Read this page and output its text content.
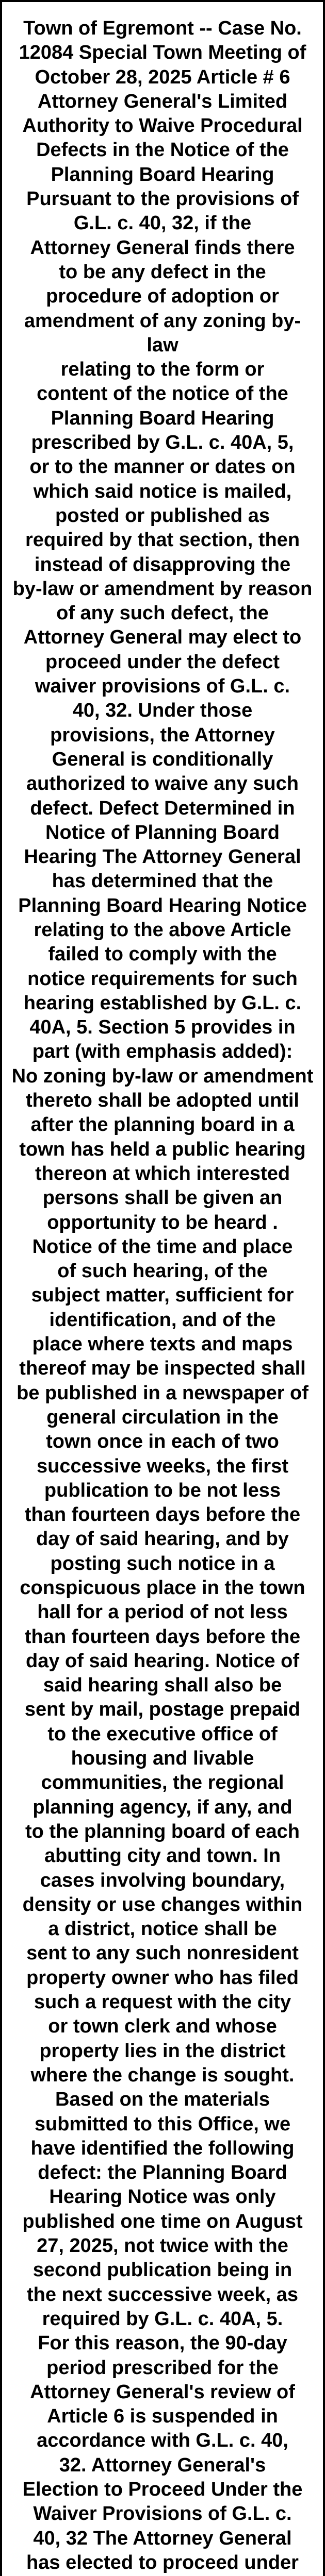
Town of Egremont -- Case No.
12084 Special Town Meeting of
October 28, 2025 Article # 6
Attorney General's Limited
Authority to Waive Procedural
Defects in the Notice of the
Planning Board Hearing
Pursuant to the provisions of
G.L. c. 40, 32, if the
Attorney General finds there
to be any defect in the
procedure of adoption or
amendment of any zoning by-law
relating to the form or
content of the notice of the
Planning Board Hearing
prescribed by G.L. c. 40A, 5,
or to the manner or dates on
which said notice is mailed,
posted or published as
required by that section, then
instead of disapproving the
by-law or amendment by reason
of any such defect, the
Attorney General may elect to
proceed under the defect
waiver provisions of G.L. c.
40, 32. Under those
provisions, the Attorney
General is conditionally
authorized to waive any such
defect. Defect Determined in
Notice of Planning Board
Hearing The Attorney General
has determined that the
Planning Board Hearing Notice
relating to the above Article
failed to comply with the
notice requirements for such
hearing established by G.L. c.
40A, 5. Section 5 provides in
part (with emphasis added):
No zoning by-law or amendment
thereto shall be adopted until
after the planning board in a
town has held a public hearing
thereon at which interested
persons shall be given an
opportunity to be heard .
Notice of the time and place
of such hearing, of the
subject matter, sufficient for
identification, and of the
place where texts and maps
thereof may be inspected shall
be published in a newspaper of
general circulation in the
town once in each of two
successive weeks, the first
publication to be not less
than fourteen days before the
day of said hearing, and by
posting such notice in a
conspicuous place in the town
hall for a period of not less
than fourteen days before the
day of said hearing. Notice of
said hearing shall also be
sent by mail, postage prepaid
to the executive office of
housing and livable
communities, the regional
planning agency, if any, and
to the planning board of each
abutting city and town. In
cases involving boundary,
density or use changes within
a district, notice shall be
sent to any such nonresident
property owner who has filed
such a request with the city
or town clerk and whose
property lies in the district
where the change is sought.
Based on the materials
submitted to this Office, we
have identified the following
defect: the Planning Board
Hearing Notice was only
published one time on August
27, 2025, not twice with the
second publication being in
the next successive week, as
required by G.L. c. 40A, 5.
For this reason, the 90-day
period prescribed for the
Attorney General's review of
Article 6 is suspended in
accordance with G.L. c. 40,
32. Attorney General's
Election to Proceed Under the
Waiver Provisions of G.L. c.
40, 32 The Attorney General
has elected to proceed under
